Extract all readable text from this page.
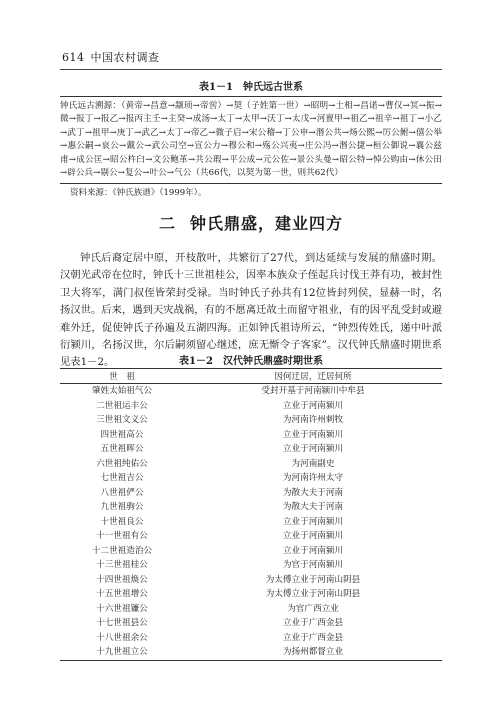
614 中国农村调查
表1－1 钟氏远古世系

钟氏远古溯源：（黄帝→昌意→颛顼→帝喾）→契（子姓第一世）→昭明→土相→昌诺→曹仅→冥→振→微→报丁→报乙→报丙主壬→主癸→成汤→太丁→太甲→沃丁→太戊→河亶甲→祖乙→祖辛→祖丁→小乙→武丁→祖甲→庚丁→武乙→太丁→帝乙→微子启→宋公稽→丁公申→湣公共→炀公熙→厉公鲋→僖公举→惠公嗣→哀公→戴公→武公司空→宣公力→穆公和→殇公兴夷→庄公冯→湣公捷→桓公御说→襄公兹甫→成公匡→昭公杵臼→文公鲍革→共公瑕→平公成→元公佐→景公头曼→昭公特→悼公购由→休公田→辟公兵→剔公→复公→叶公→气公（共66代，以契为第一世，则共62代）

资料来源：《钟氏族谱》（1999年）。
二 钟氏鼎盛，建业四方

钟氏后裔定居中原，开枝散叶，共繁衍了27代，到达延续与发展的鼎盛时期。汉朝光武帝在位时，钟氏十三世祖桂公，因率本族众子侄起兵讨伐王莽有功，被封性卫大将军，满门叔侄皆荣封受禄。当时钟氏子孙共有12位皆封列侯，显赫一时，名扬汉世。后来，遇到天灾战祸，有的不愿离迁故土而留守祖业，有的因平乱受封或避难外迁，促使钟氏子孙遍及五湖四海。正如钟氏祖诗所云，“钟烈传姓氏，递中叶派衍颍川，名扬汉世，尔后嗣须留心继述，庶无惭令子客家”。汉代钟氏鼎盛时期世系见表1－2。	表1－2 汉代钟氏鼎盛时期世系
世　祖	因何迁居，迁居何所
肇姓太始祖气公	受封开基于河南颍川中牟县
二世祖运丰公	立业于河南颍川
三世祖文义公	为河南许州刺牧
四世祖高公	立业于河南颍川
五世祖晖公	立业于河南颍川
六世祖纯佑公	为河南副史
七世祖吉公	为河南许州太守
八世祖俨公	为散大夫于河南
九世祖驹公	为散大夫于河南
十世祖良公	立业于河南颍川
十一世祖有公	立业于河南颍川
十二世祖造治公	立业于河南颍川
十三世祖桂公	为官于河南颍川
十四世祖焕公	为太傅立业于河南山阴县
十五世祖增公	为太傅立业于河南山阴县
十六世祖镰公	为官广西立业
十七世祖县公	立业于广西金县
十八世祖余公	立业于广西金县
十九世祖立公	为扬州都督立业
